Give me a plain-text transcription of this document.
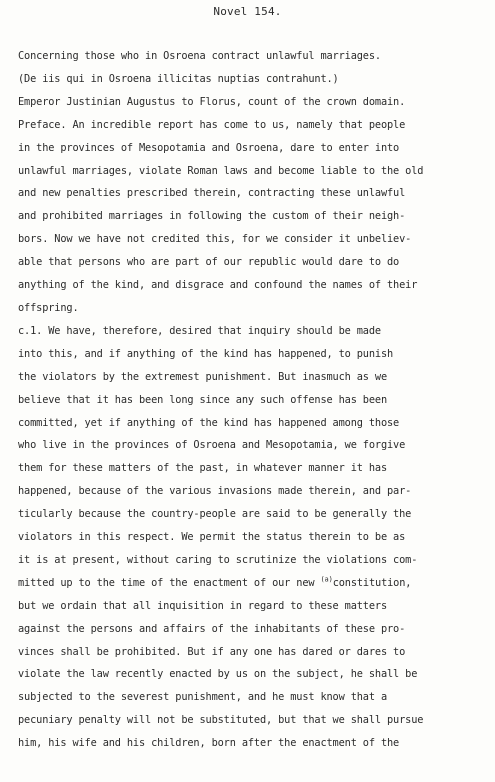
Novel 154.
Concerning those who in Osroena contract unlawful marriages.
(De iis qui in Osroena illicitas nuptias contrahunt.)
Emperor Justinian Augustus to Florus, count of the crown domain.
Preface. An incredible report has come to us, namely that people
in the provinces of Mesopotamia and Osroena, dare to enter into
unlawful marriages, violate Roman laws and become liable to the old
and new penalties prescribed therein, contracting these unlawful
and prohibited marriages in following the custom of their neigh-
bors. Now we have not credited this, for we consider it unbeliev-
able that persons who are part of our republic would dare to do
anything of the kind, and disgrace and confound the names of their
offspring.
c.1. We have, therefore, desired that inquiry should be made
into this, and if anything of the kind has happened, to punish
the violators by the extremest punishment. But inasmuch as we
believe that it has been long since any such offense has been
committed, yet if anything of the kind has happened among those
who live in the provinces of Osroena and Mesopotamia, we forgive
them for these matters of the past, in whatever manner it has
happened, because of the various invasions made therein, and par-
ticularly because the country-people are said to be generally the
violators in this respect. We permit the status therein to be as
it is at present, without caring to scrutinize the violations com-
mitted up to the time of the enactment of our new $^{(a)}$constitution,
but we ordain that all inquisition in regard to these matters
against the persons and affairs of the inhabitants of these pro-
vinces shall be prohibited. But if any one has dared or dares to
violate the law recently enacted by us on the subject, he shall be
subjected to the severest punishment, and he must know that a
pecuniary penalty will not be substituted, but that we shall pursue
him, his wife and his children, born after the enactment of the
